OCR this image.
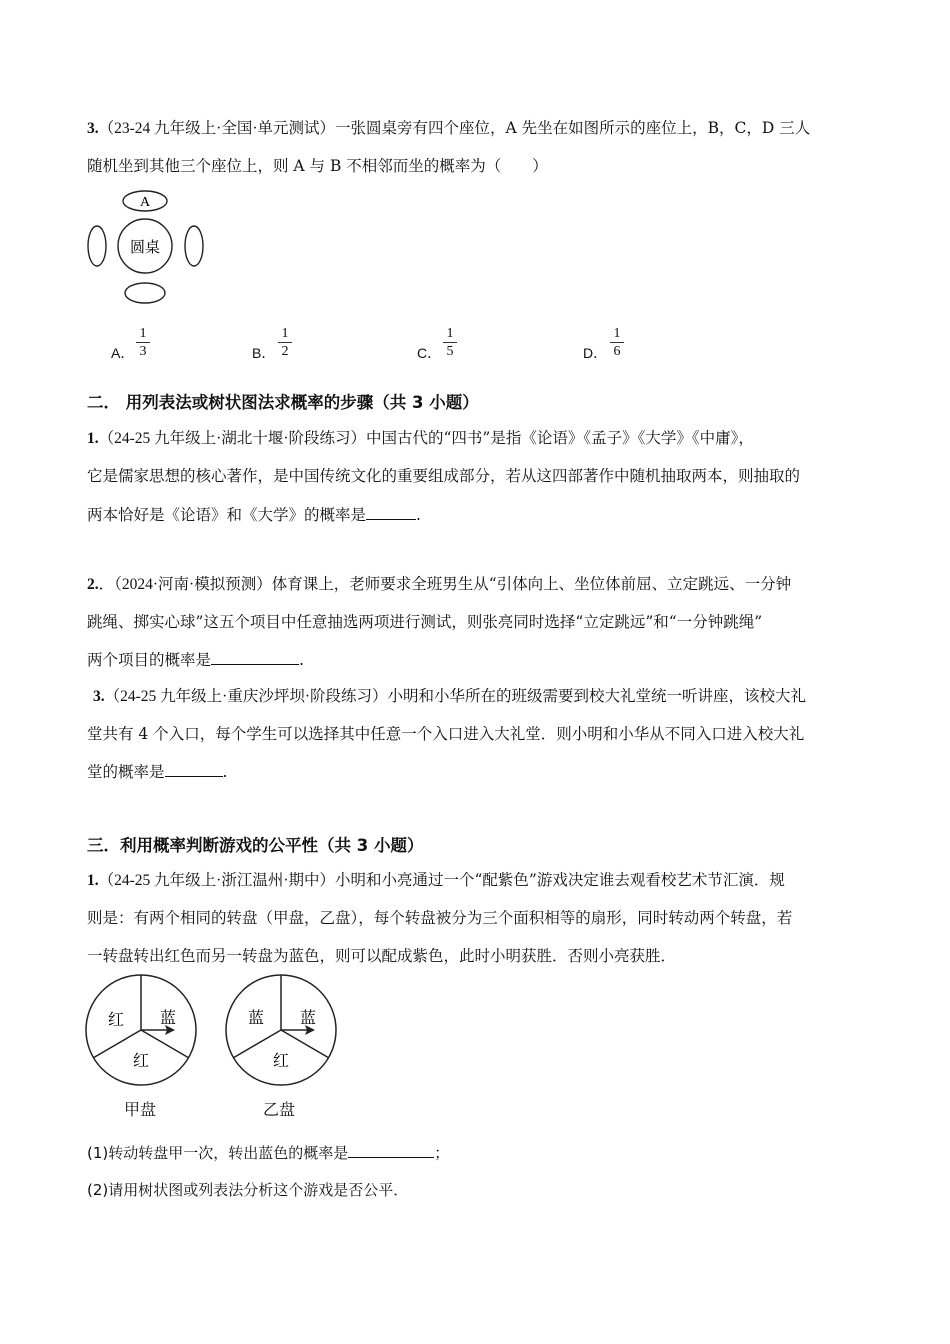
3.（23-24 九年级上·全国·单元测试）一张圆桌旁有四个座位，A 先坐在如图所示的座位上，B，C，D 三人
随机坐到其他三个座位上，则 A 与 B 不相邻而坐的概率为（　　）
A
圆桌
A．
1
3	B．
1
2	C．
1
5	D．
1
6
二． 用列表法或树状图法求概率的步骤（共 3 小题）
1.（24-25 九年级上·湖北十堰·阶段练习）中国古代的“四书”是指《论语》《孟子》《大学》《中庸》，
它是儒家思想的核心著作，是中国传统文化的重要组成部分，若从这四部著作中随机抽取两本，则抽取的
两本恰好是《论语》和《大学》的概率是	.
2.．（2024·河南·模拟预测）体育课上，老师要求全班男生从“引体向上、坐位体前屈、立定跳远、一分钟
跳绳、掷实心球”这五个项目中任意抽选两项进行测试，则张亮同时选择“立定跳远”和“一分钟跳绳”
两个项目的概率是	.
3.（24-25 九年级上·重庆沙坪坝·阶段练习）小明和小华所在的班级需要到校大礼堂统一听讲座，该校大礼
堂共有 4 个入口，每个学生可以选择其中任意一个入口进入大礼堂．则小明和小华从不同入口进入校大礼
堂的概率是	.
三．利用概率判断游戏的公平性（共 3 小题）
1.（24-25 九年级上·浙江温州·期中）小明和小亮通过一个“配紫色”游戏决定谁去观看校艺术节汇演．规
则是：有两个相同的转盘（甲盘，乙盘），每个转盘被分为三个面积相等的扇形，同时转动两个转盘，若
一转盘转出红色而另一转盘为蓝色，则可以配成紫色，此时小明获胜．否则小亮获胜．
红 蓝
红
甲盘
蓝 蓝
红
乙盘
(1)转动转盘甲一次，转出蓝色的概率是	；
(2)请用树状图或列表法分析这个游戏是否公平．
